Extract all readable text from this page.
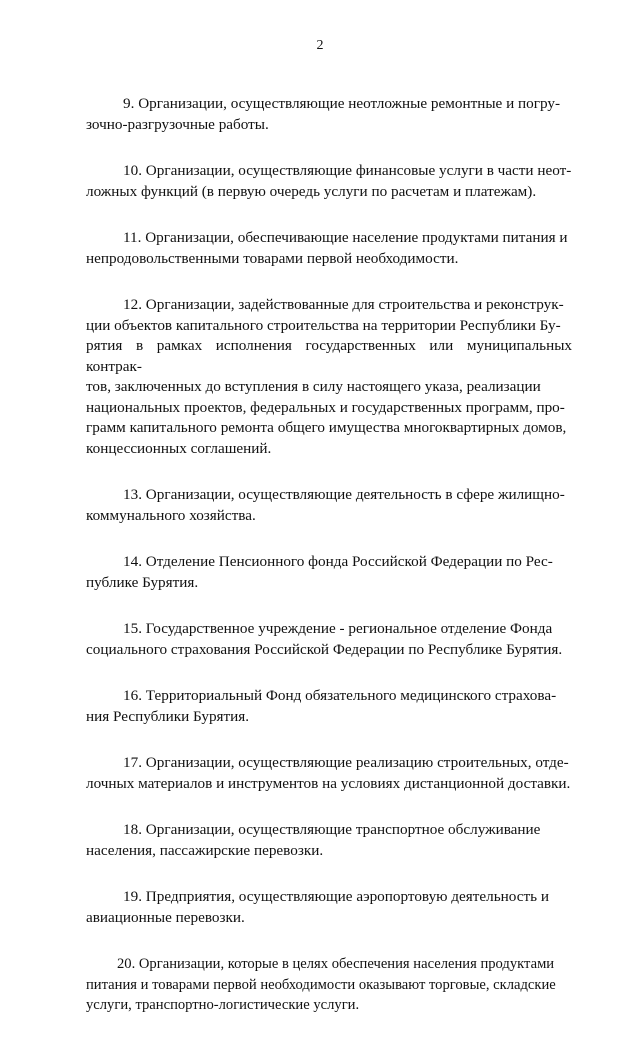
2

9. Организации, осуществляющие неотложные ремонтные и погру-
зочно-разгрузочные работы.

10. Организации, осуществляющие финансовые услуги в части неот-
ложных функций (в первую очередь услуги по расчетам и платежам).

11. Организации, обеспечивающие население продуктами питания и
непродовольственными товарами первой необходимости.

12. Организации, задействованные для строительства и реконструк-
ции объектов капитального строительства на территории Республики Бу-
рятия в рамках исполнения государственных или муниципальных контрак-
тов, заключенных до вступления в силу настоящего указа, реализации
национальных проектов, федеральных и государственных программ, про-
грамм капитального ремонта общего имущества многоквартирных домов,
концессионных соглашений.

13. Организации, осуществляющие деятельность в сфере жилищно-
коммунального хозяйства.

14. Отделение Пенсионного фонда Российской Федерации по Рес-
публике Бурятия.

15. Государственное учреждение - региональное отделение Фонда
социального страхования Российской Федерации по Республике Бурятия.

16. Территориальный Фонд обязательного медицинского страхова-
ния Республики Бурятия.

17. Организации, осуществляющие реализацию строительных, отде-
лочных материалов и инструментов на условиях дистанционной доставки.

18. Организации, осуществляющие транспортное обслуживание
населения, пассажирские перевозки.

19. Предприятия, осуществляющие аэропортовую деятельность и
авиационные перевозки.

20. Организации, которые в целях обеспечения населения продуктами
питания и товарами первой необходимости оказывают торговые, складские
услуги, транспортно-логистические услуги.
